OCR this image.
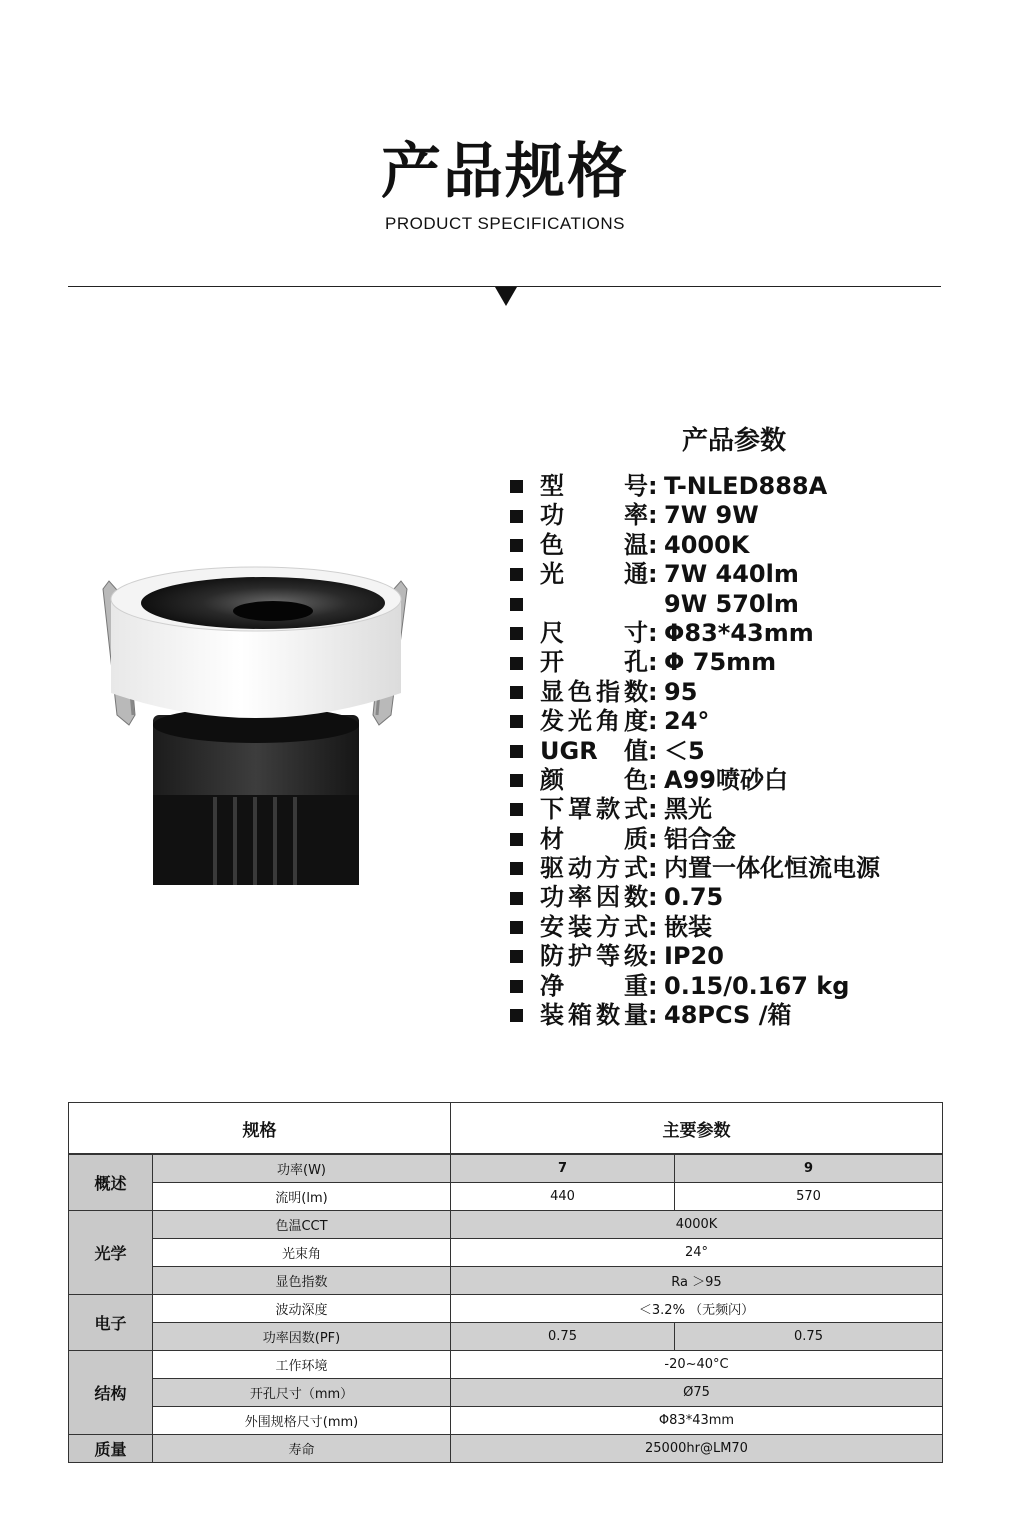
产品规格
PRODUCT SPECIFICATIONS
产品参数
型号 : T-NLED888A
功率 : 7W 9W
色温 : 4000K
光通 : 7W 440lm
9W 570lm
尺寸 : Φ83*43mm
开孔 : Φ 75mm
显色指数 : 95
发光角度 : 24°
UGR 值 : ＜5
颜色 : A99喷砂白
下罩款式 : 黑光
材质 : 铝合金
驱动方式 : 内置一体化恒流电源
功率因数 : 0.75
安装方式 : 嵌装
防护等级 : IP20
净重 : 0.15/0.167 kg
装箱数量 : 48PCS /箱
规格		主要参数	
概述	功率(W)	7	9
	流明(lm)	440	570
光学	色温CCT	4000K	
	光束角	24°	
	显色指数	Ra ＞95	
电子	波动深度	＜3.2% （无频闪）	
	功率因数(PF)	0.75	0.75
结构	工作环境	-20~40°C	
	开孔尺寸（mm）	Ø75	
	外围规格尺寸(mm)	Φ83*43mm	
质量	寿命	25000hr@LM70	
